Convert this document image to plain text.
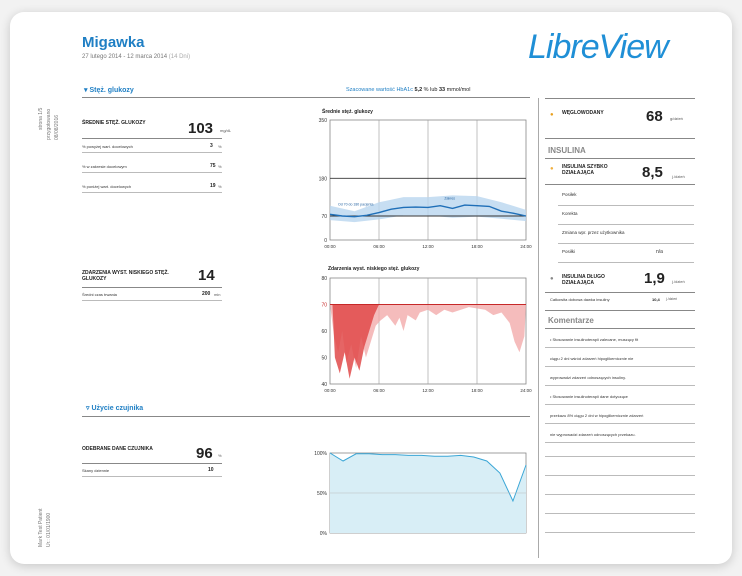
Migawka
27 lutego 2014 - 12 marca 2014 (14 Dni)	LibreView
strona 1/5 przygotowano 08/08/2016
Mark Test Patient Ur.: 01/01/1900
▾ Stęż. glukozy	Szacowane wartość HbA1c 5,2 % lub 33 mmol/mol
ŚREDNIE STĘŻ. GLUKOZY	103 mg/dL
ZDARZENIA WYST. NISKIEGO STĘŻ. GLUKOZY	14
Średni czas trwania	200 min
▿ Użycie czujnika
ODEBRANE DANE CZUJNIKA	96 %
Skany dziennie	10
Średnie stęż. glukozy
0
70
180
350
00:00	06:00	12:00	18:00	24:00
Od 70 do 180 pacjenta
Zakres
Zdarzenia wyst. niskiego stęż. glukozy
40
50
60
70
80
00:00	06:00	12:00	18:00	24:00
0%
50%
100%
●	WĘGLOWODANY	68 g/dzień
INSULINA
● INSULINA SZYBKO DZIAŁAJĄCA	8,5 j./dzień
● INSULINA DŁUGO DZIAŁAJĄCA	1,9 j./dzień
Całkowita dobowa dawka insuliny	10,4 j./dzień
Komentarze
% powyżej wart. docelowych	3 %
% w zakresie docelowym	75 %
% poniżej wart. docelowych	19 %
Posiłek
Korekta
Zmiana wpr. przez użytkownika
Posiłki	n/a
• Stosowanie insulinoterapii zalecane, muszący fit
ciągu 2 dni wśród zdarzeń hipoglikemicznie nie
wyprowadzi zdarzeń odnoszących insuliny.
• Stosowanie insulinoterapii dane dotyczące
przekazu 8% ciągu 2 dni w hipoglikemicznie zdarzeń
nie wyprowadzi zdarzeń odnoszących przekazu.
